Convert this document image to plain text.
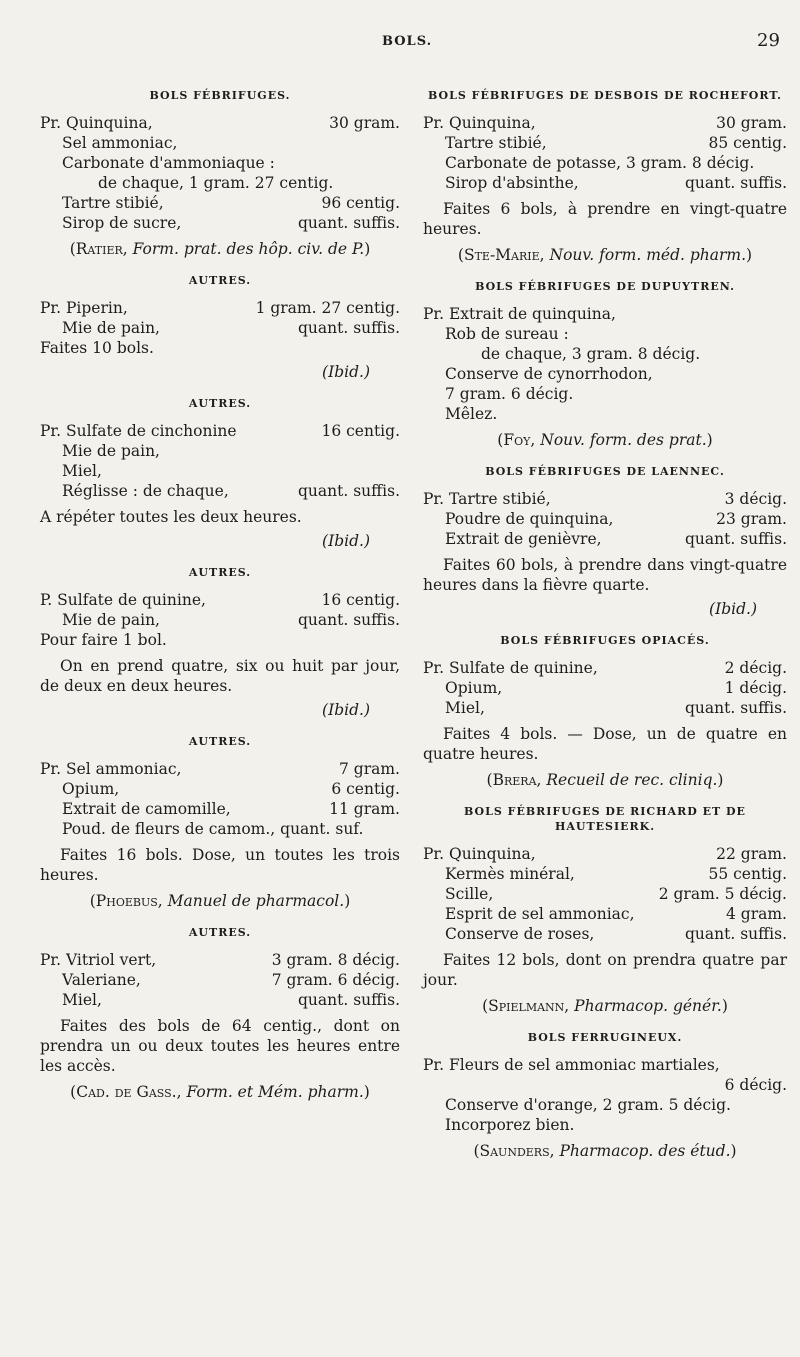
BOLS.	29
BOLS FÉBRIFUGES.
Pr. Quinquina,	30 gram.
Sel ammoniac,
Carbonate d'ammoniaque :
de chaque, 1 gram. 27 centig.
Tartre stibié,	96 centig.
Sirop de sucre,	quant. suffis.
(Ratier, Form. prat. des hôp. civ. de P.)
AUTRES.
Pr. Piperin,	1 gram. 27 centig.
Mie de pain,	quant. suffis.
Faites 10 bols.
(Ibid.)
AUTRES.
Pr. Sulfate de cinchonine	16 centig.
Mie de pain,
Miel,
Réglisse : de chaque,	quant. suffis.
A répéter toutes les deux heures.
(Ibid.)
AUTRES.
P. Sulfate de quinine,	16 centig.
Mie de pain,	quant. suffis.
Pour faire 1 bol.
On en prend quatre, six ou huit par jour, de deux en deux heures.
(Ibid.)
AUTRES.
Pr. Sel ammoniac,	7 gram.
Opium,	6 centig.
Extrait de camomille,	11 gram.
Poud. de fleurs de camom., quant. suf.
Faites 16 bols. Dose, un toutes les trois heures.
(Phoebus, Manuel de pharmacol.)
AUTRES.
Pr. Vitriol vert,	3 gram. 8 décig.
Valeriane,	7 gram. 6 décig.
Miel,	quant. suffis.
Faites des bols de 64 centig., dont on prendra un ou deux toutes les heures entre les accès.
(Cad. de Gass., Form. et Mém. pharm.)
BOLS FÉBRIFUGES DE DESBOIS DE ROCHEFORT.
Pr. Quinquina,	30 gram.
Tartre stibié,	85 centig.
Carbonate de potasse, 3 gram. 8 décig.
Sirop d'absinthe,	quant. suffis.
Faites 6 bols, à prendre en vingt-quatre heures.
(Ste-Marie, Nouv. form. méd. pharm.)
BOLS FÉBRIFUGES DE DUPUYTREN.
Pr. Extrait de quinquina,
Rob de sureau :
de chaque, 3 gram. 8 décig.
Conserve de cynorrhodon,
7 gram. 6 décig.
Mêlez.
(Foy, Nouv. form. des prat.)
BOLS FÉBRIFUGES DE LAENNEC.
Pr. Tartre stibié,	3 décig.
Poudre de quinquina,	23 gram.
Extrait de genièvre,	quant. suffis.
Faites 60 bols, à prendre dans vingt-quatre heures dans la fièvre quarte.
(Ibid.)
BOLS FÉBRIFUGES OPIACÉS.
Pr. Sulfate de quinine,	2 décig.
Opium,	1 décig.
Miel,	quant. suffis.
Faites 4 bols. — Dose, un de quatre en quatre heures.
(Brera, Recueil de rec. cliniq.)
BOLS FÉBRIFUGES DE RICHARD ET DE HAUTESIERK.
Pr. Quinquina,	22 gram.
Kermès minéral,	55 centig.
Scille,	2 gram. 5 décig.
Esprit de sel ammoniac,	4 gram.
Conserve de roses,	quant. suffis.
Faites 12 bols, dont on prendra quatre par jour.
(Spielmann, Pharmacop. génér.)
BOLS FERRUGINEUX.
Pr. Fleurs de sel ammoniac martiales,
6 décig.
Conserve d'orange, 2 gram. 5 décig.
Incorporez bien.
(Saunders, Pharmacop. des étud.)
